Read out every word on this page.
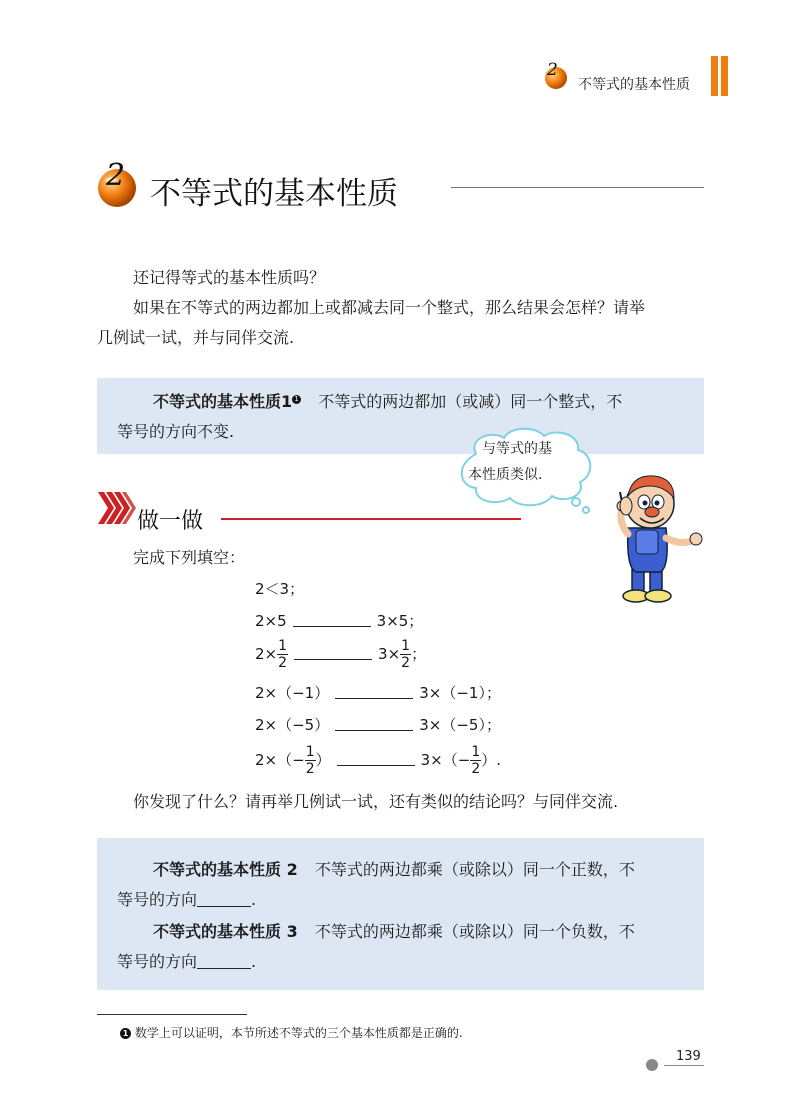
2
不等式的基本性质
2
不等式的基本性质
还记得等式的基本性质吗？
如果在不等式的两边都加上或都减去同一个整式，那么结果会怎样？请举
几例试一试，并与同伴交流.
不等式的基本性质1 1 不等式的两边都加（或减）同一个整式，不
等号的方向不变.
与等式的基
本性质类似.
做一做
完成下列填空：
2＜3；
2×5	3×5；
$2\times \frac{1}{2}$	$3\times \frac{1}{2}$ ；
2×（−1）	3×（−1）；
2×（−5）	3×（−5）；
$2\times(- \frac{1}{2}$ ）	$3\times(- \frac{1}{2}$ ）.
你发现了什么？请再举几例试一试，还有类似的结论吗？与同伴交流.
不等式的基本性质 2 不等式的两边都乘（或除以）同一个正数，不
等号的方向	.
不等式的基本性质 3 不等式的两边都乘（或除以）同一个负数，不
等号的方向	.
1 数学上可以证明，本节所述不等式的三个基本性质都是正确的.
139
